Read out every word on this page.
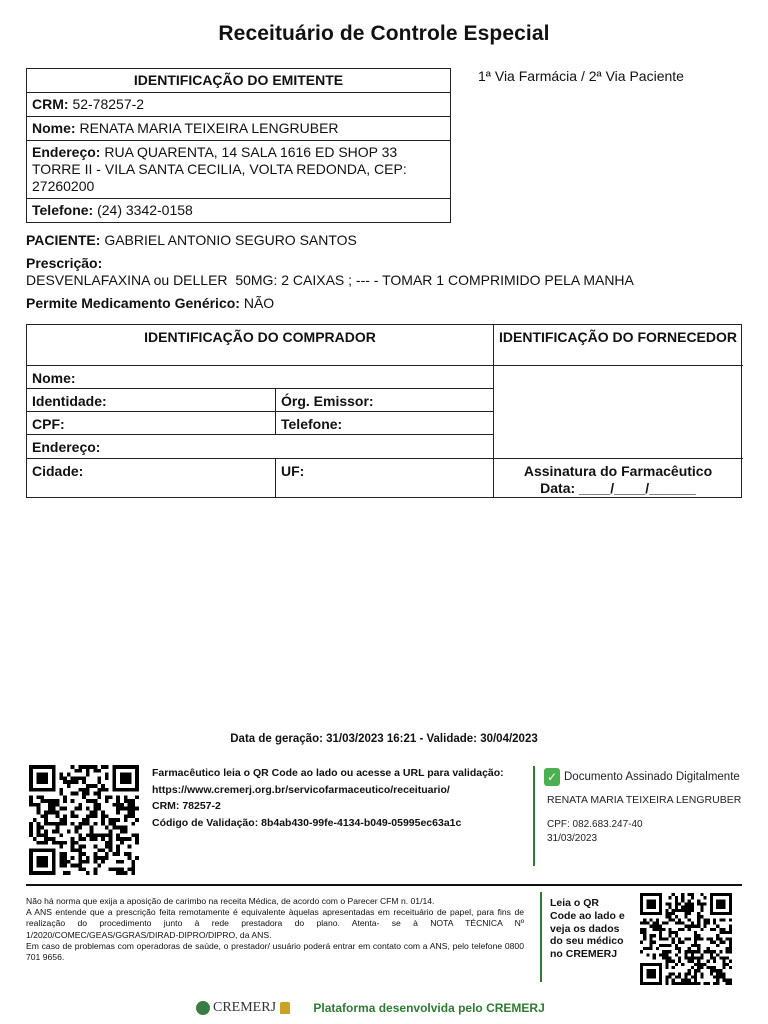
Receituário de Controle Especial
1ª Via Farmácia / 2ª Via Paciente
IDENTIFICAÇÃO DO EMITENTE
CRM: 52-78257-2
Nome: RENATA MARIA TEIXEIRA LENGRUBER
Endereço: RUA QUARENTA, 14 SALA 1616 ED SHOP 33 TORRE II - VILA SANTA CECILIA, VOLTA REDONDA, CEP: 27260200
Telefone: (24) 3342-0158
PACIENTE: GABRIEL ANTONIO SEGURO SANTOS
Prescrição:
DESVENLAFAXINA ou DELLER  50MG: 2 CAIXAS ; --- - TOMAR 1 COMPRIMIDO PELA MANHA
Permite Medicamento Genérico: NÃO
IDENTIFICAÇÃO DO COMPRADOR	IDENTIFICAÇÃO DO FORNECEDOR
Nome:
Identidade:	Órg. Emissor:
CPF:	Telefone:
Endereço:
Cidade:	UF:	Assinatura do Farmacêutico
Data: ____/____/______
Data de geração: 31/03/2023 16:21 - Validade: 30/04/2023
Farmacêutico leia o QR Code ao lado ou acesse a URL para validação:
https://www.cremerj.org.br/servicofarmaceutico/receituario/
CRM: 78257-2
Código de Validação: 8b4ab430-99fe-4134-b049-05995ec63a1c
✓ Documento Assinado Digitalmente
RENATA MARIA TEIXEIRA LENGRUBER
CPF: 082.683.247-40
31/03/2023
Não há norma que exija a aposição de carimbo na receita Médica, de acordo com o Parecer CFM n. 01/14.
A ANS entende que a prescrição feita remotamente é equivalente àquelas apresentadas em receituário de papel, para fins de realização do procedimento junto à rede prestadora do plano. Atenta- se à NOTA TÉCNICA Nº 1/2020/COMEC/GEAS/GGRAS/DIRAD-DIPRO/DIPRO, da ANS.
Em caso de problemas com operadoras de saúde, o prestador/ usuário poderá entrar em contato com a ANS, pelo telefone 0800 701 9656.
Leia o QR Code ao lado e veja os dados do seu médico no CREMERJ
CREMERJ	Plataforma desenvolvida pelo CREMERJ
